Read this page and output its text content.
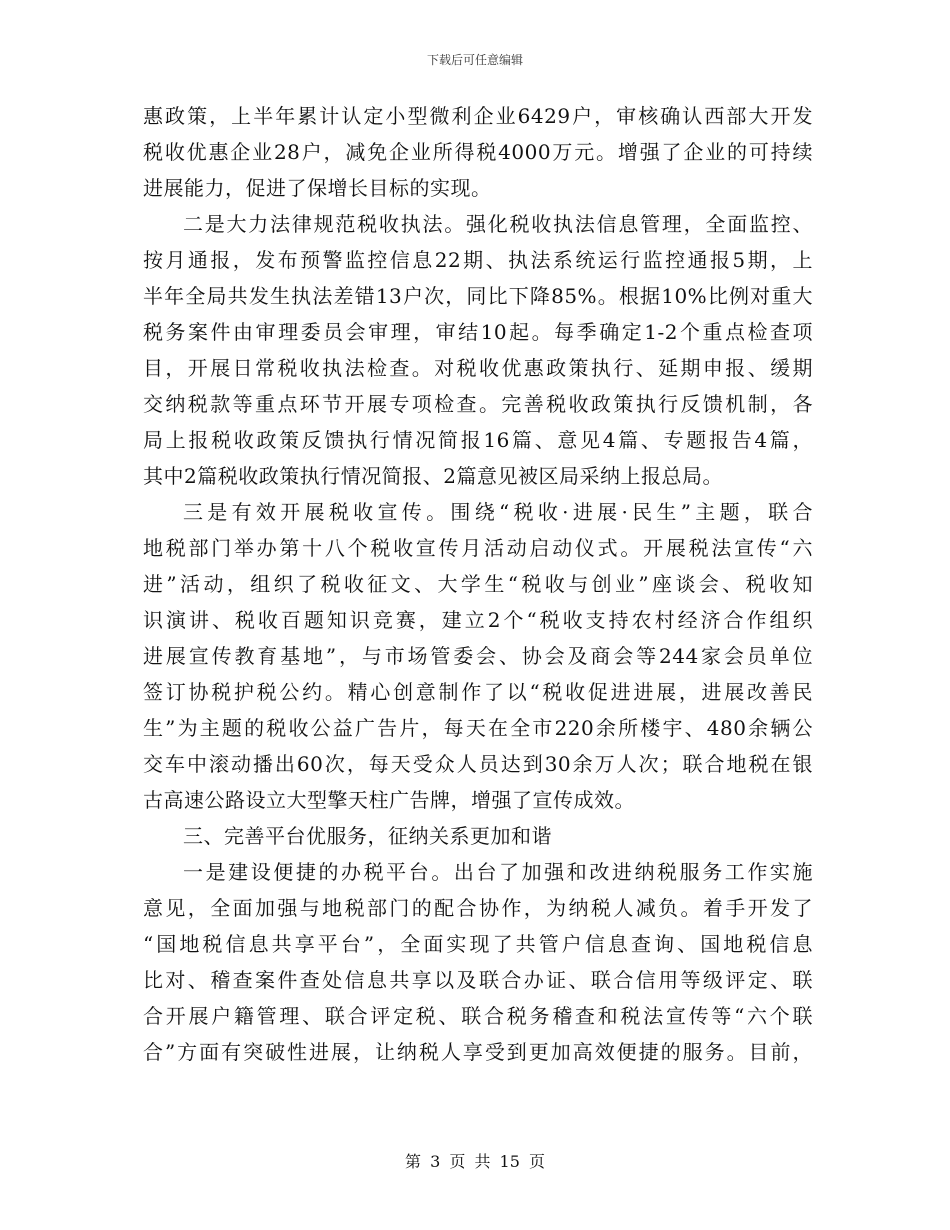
下载后可任意编辑
惠政策，上半年累计认定小型微利企业6429户，审核确认西部大开发
税收优惠企业28户，减免企业所得税4000万元。增强了企业的可持续
进展能力，促进了保增长目标的实现。
二是大力法律规范税收执法。强化税收执法信息管理，全面监控、
按月通报，发布预警监控信息22期、执法系统运行监控通报5期，上
半年全局共发生执法差错13户次，同比下降85%。根据10%比例对重大
税务案件由审理委员会审理，审结10起。每季确定1-2个重点检查项
目，开展日常税收执法检查。对税收优惠政策执行、延期申报、缓期
交纳税款等重点环节开展专项检查。完善税收政策执行反馈机制，各
局上报税收政策反馈执行情况简报16篇、意见4篇、专题报告4篇，
其中2篇税收政策执行情况简报、2篇意见被区局采纳上报总局。
三是有效开展税收宣传。围绕“税收·进展·民生”主题，联合
地税部门举办第十八个税收宣传月活动启动仪式。开展税法宣传“六
进”活动，组织了税收征文、大学生“税收与创业”座谈会、税收知
识演讲、税收百题知识竞赛，建立2个“税收支持农村经济合作组织
进展宣传教育基地”，与市场管委会、协会及商会等244家会员单位
签订协税护税公约。精心创意制作了以“税收促进进展，进展改善民
生”为主题的税收公益广告片，每天在全市220余所楼宇、480余辆公
交车中滚动播出60次，每天受众人员达到30余万人次；联合地税在银
古高速公路设立大型擎天柱广告牌，增强了宣传成效。
三、完善平台优服务，征纳关系更加和谐
一是建设便捷的办税平台。出台了加强和改进纳税服务工作实施
意见，全面加强与地税部门的配合协作，为纳税人减负。着手开发了
“国地税信息共享平台”，全面实现了共管户信息查询、国地税信息
比对、稽查案件查处信息共享以及联合办证、联合信用等级评定、联
合开展户籍管理、联合评定税、联合税务稽查和税法宣传等“六个联
合”方面有突破性进展，让纳税人享受到更加高效便捷的服务。目前，
第 3 页 共 15 页
